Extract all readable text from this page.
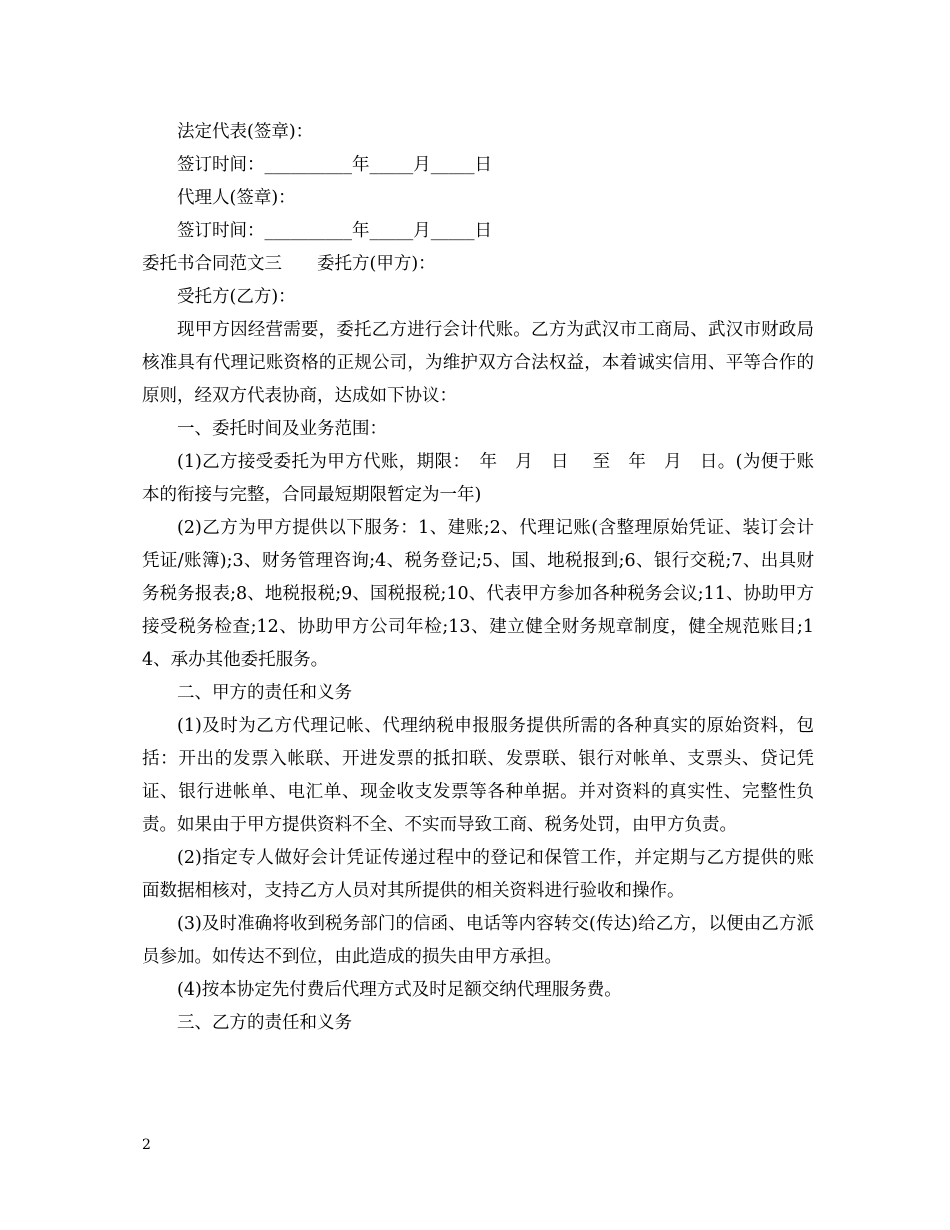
法定代表(签章)：

签订时间：__________年_____月_____日

代理人(签章)：

签订时间：__________年_____月_____日

委托书合同范文三　　委托方(甲方)：

受托方(乙方)：

现甲方因经营需要，委托乙方进行会计代账。乙方为武汉市工商局、武汉市财政局核准具有代理记账资格的正规公司，为维护双方合法权益，本着诚实信用、平等合作的原则，经双方代表协商，达成如下协议：

一、委托时间及业务范围：

(1)乙方接受委托为甲方代账，期限：　年　月　日　 至　年　月　日。(为便于账本的衔接与完整，合同最短期限暂定为一年)

(2)乙方为甲方提供以下服务：1、建账;2、代理记账(含整理原始凭证、装订会计凭证/账簿);3、财务管理咨询;4、税务登记;5、国、地税报到;6、银行交税;7、出具财务税务报表;8、地税报税;9、国税报税;10、代表甲方参加各种税务会议;11、协助甲方接受税务检查;12、协助甲方公司年检;13、建立健全财务规章制度，健全规范账目;14、承办其他委托服务。

二、甲方的责任和义务

(1)及时为乙方代理记帐、代理纳税申报服务提供所需的各种真实的原始资料，包括：开出的发票入帐联、开进发票的抵扣联、发票联、银行对帐单、支票头、贷记凭证、银行进帐单、电汇单、现金收支发票等各种单据。并对资料的真实性、完整性负责。如果由于甲方提供资料不全、不实而导致工商、税务处罚，由甲方负责。

(2)指定专人做好会计凭证传递过程中的登记和保管工作，并定期与乙方提供的账面数据相核对，支持乙方人员对其所提供的相关资料进行验收和操作。

(3)及时准确将收到税务部门的信函、电话等内容转交(传达)给乙方，以便由乙方派员参加。如传达不到位，由此造成的损失由甲方承担。

(4)按本协定先付费后代理方式及时足额交纳代理服务费。

三、乙方的责任和义务

2
